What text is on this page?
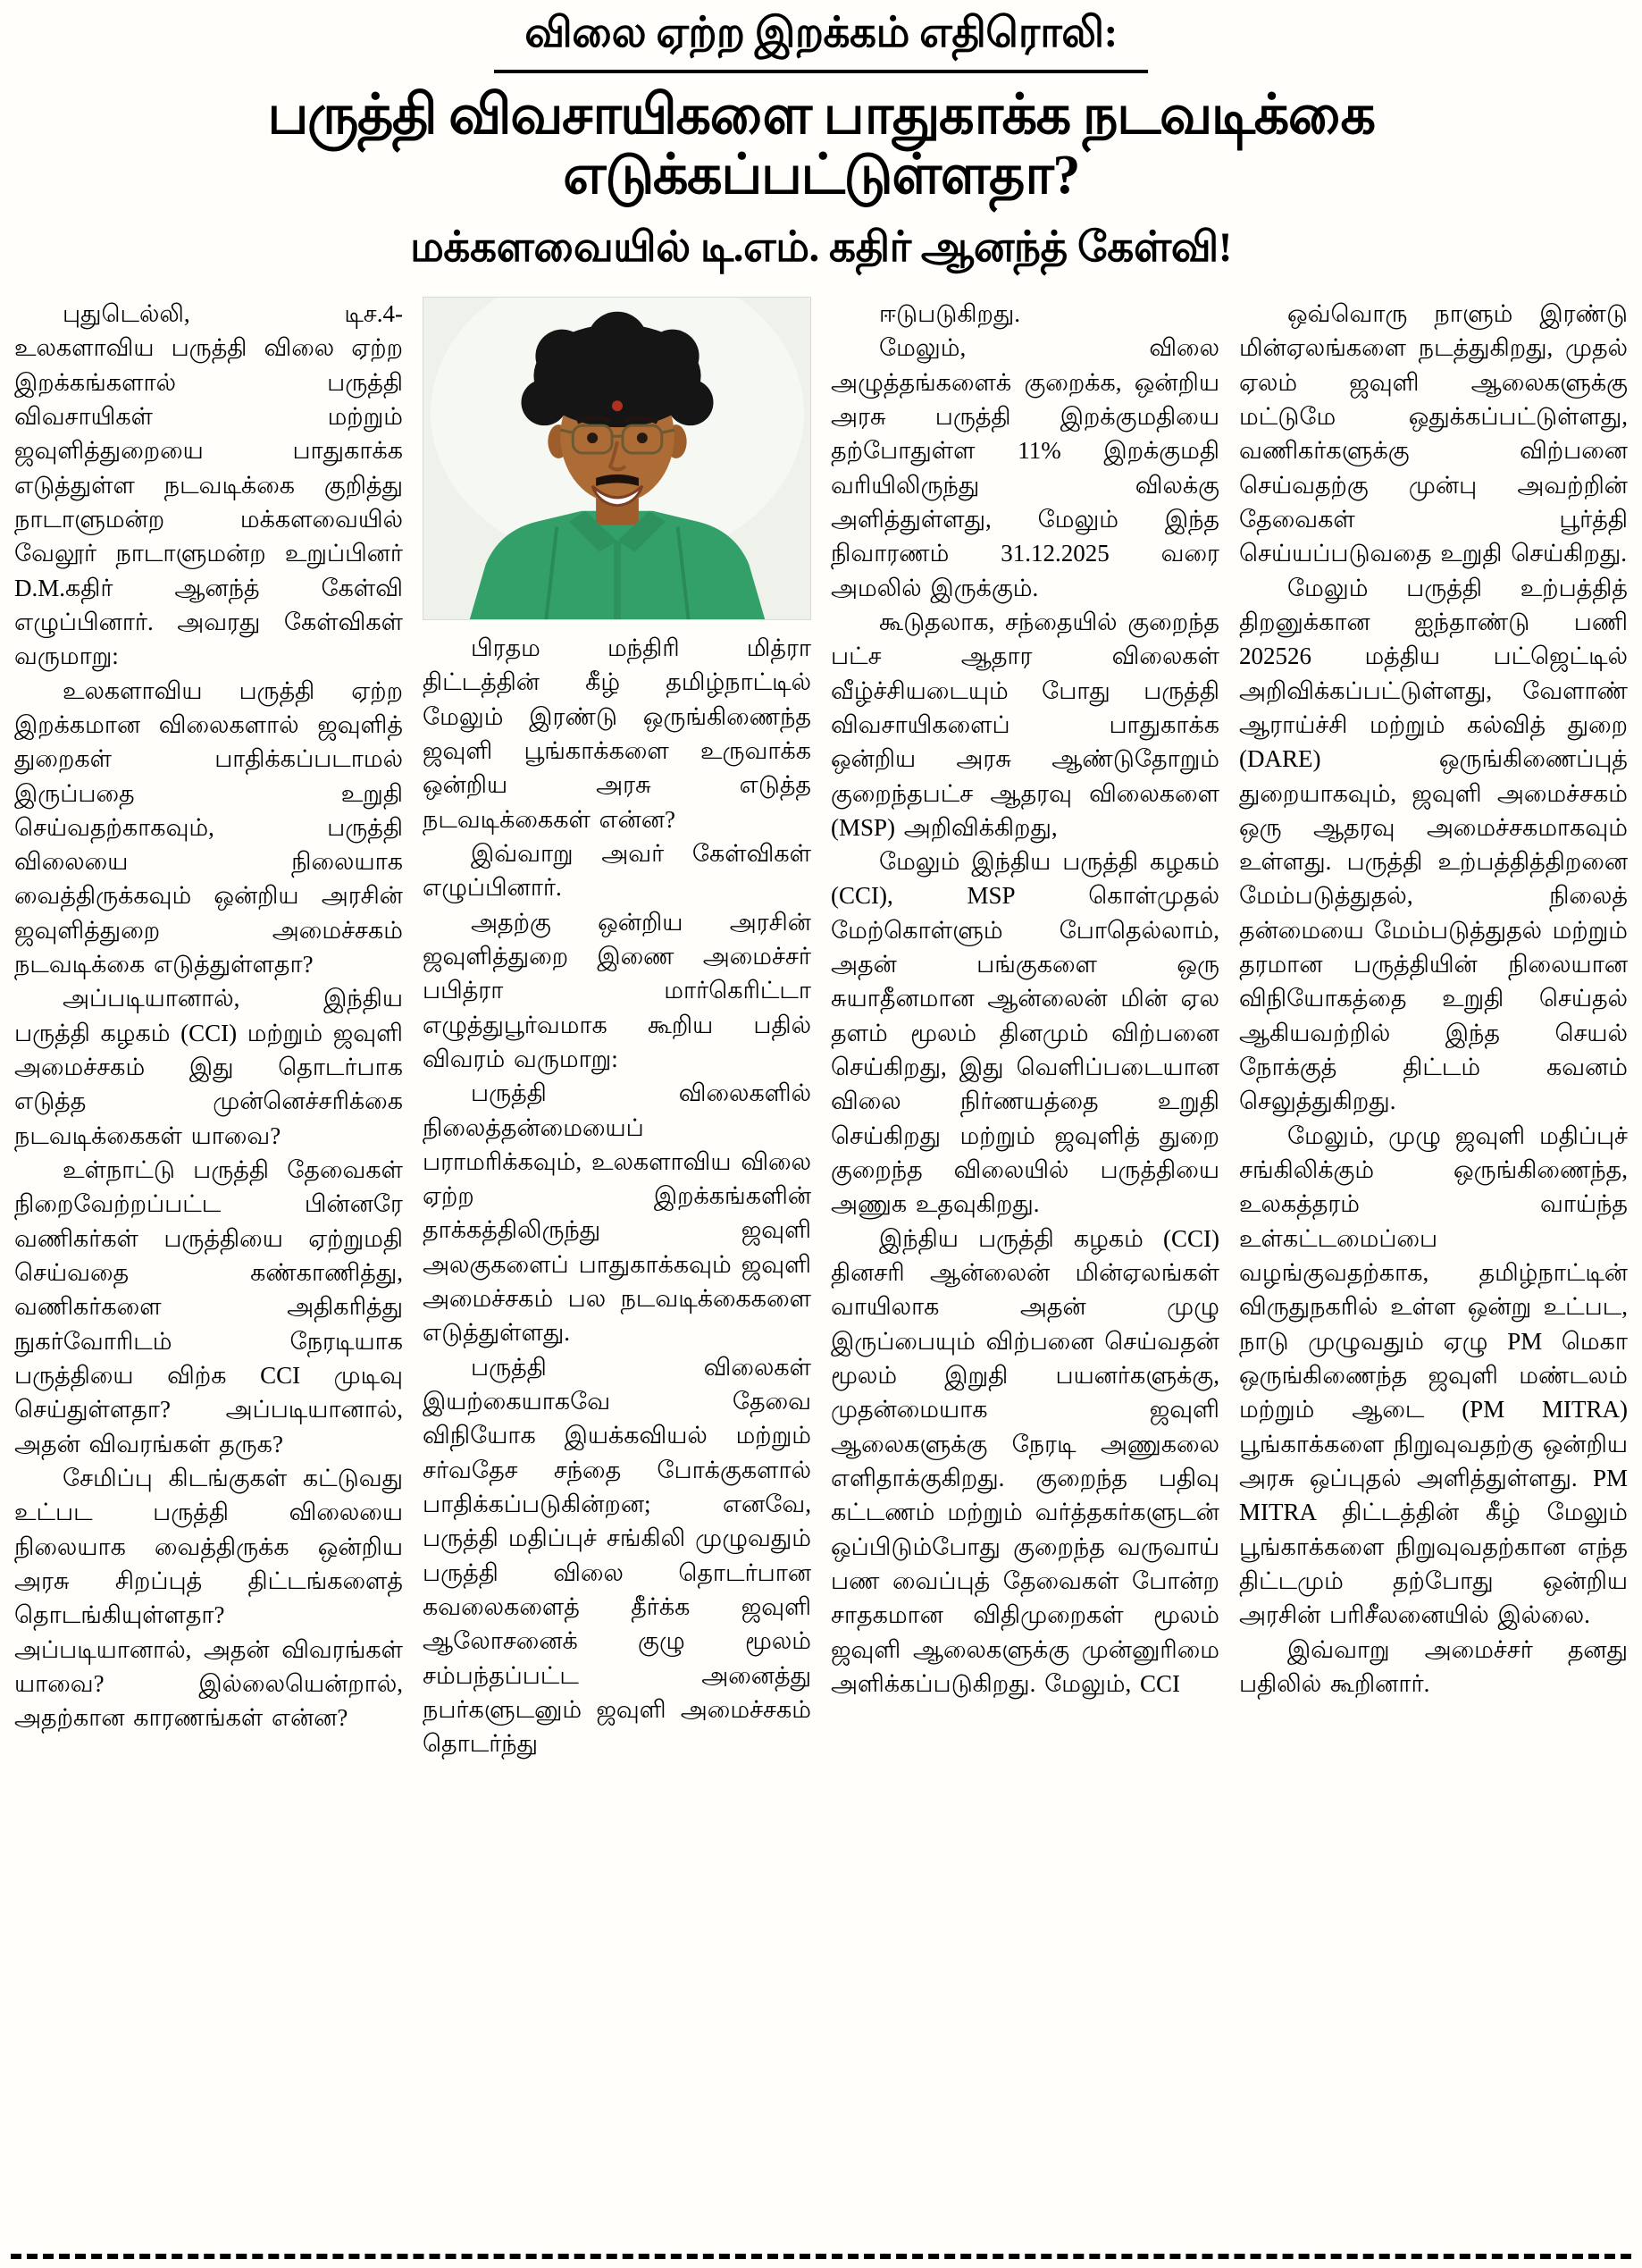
விலை ஏற்ற இறக்கம் எதிரொலி:
பருத்தி விவசாயிகளை பாதுகாக்க நடவடிக்கை எடுக்கப்பட்டுள்ளதா?
மக்களவையில் டி.எம். கதிர் ஆனந்த் கேள்வி!

புதுடெல்லி, டிச.4- உலகளாவிய பருத்தி விலை ஏற்ற இறக்கங்களால் பருத்தி விவசாயிகள் மற்றும் ஜவுளித்துறையை பாதுகாக்க எடுத்துள்ள நடவடிக்கை குறித்து நாடாளுமன்ற மக்களவையில் வேலூர் நாடாளுமன்ற உறுப்பினர் D.M.கதிர் ஆனந்த் கேள்வி எழுப்பினார். அவரது கேள்விகள் வருமாறு:

உலகளாவிய பருத்தி ஏற்ற இறக்கமான விலைகளால் ஜவுளித் துறைகள் பாதிக்கப்படாமல் இருப்பதை உறுதி செய்வதற்காகவும், பருத்தி விலையை நிலையாக வைத்திருக்கவும் ஒன்றிய அரசின் ஜவுளித்துறை அமைச்சகம் நடவடிக்கை எடுத்துள்ளதா?

அப்படியானால், இந்திய பருத்தி கழகம் (CCI) மற்றும் ஜவுளி அமைச்சகம் இது தொடர்பாக எடுத்த முன்னெச்சரிக்கை நடவடிக்கைகள் யாவை?

உள்நாட்டு பருத்தி தேவைகள் நிறைவேற்றப்பட்ட பின்னரே வணிகர்கள் பருத்தியை ஏற்றுமதி செய்வதை கண்காணித்து, வணிகர்களை அதிகரித்து நுகர்வோரிடம் நேரடியாக பருத்தியை விற்க CCI முடிவு செய்துள்ளதா? அப்படியானால், அதன் விவரங்கள் தருக?

சேமிப்பு கிடங்குகள் கட்டுவது உட்பட பருத்தி விலையை நிலையாக வைத்திருக்க ஒன்றிய அரசு சிறப்புத் திட்டங்களைத் தொடங்கியுள்ளதா? அப்படியானால், அதன் விவரங்கள் யாவை? இல்லையென்றால், அதற்கான காரணங்கள் என்ன?

பிரதம மந்திரி மித்ரா திட்டத்தின் கீழ் தமிழ்நாட்டில் மேலும் இரண்டு ஒருங்கிணைந்த ஜவுளி பூங்காக்களை உருவாக்க ஒன்றிய அரசு எடுத்த நடவடிக்கைகள் என்ன?

இவ்வாறு அவர் கேள்விகள் எழுப்பினார்.

அதற்கு ஒன்றிய அரசின் ஜவுளித்துறை இணை அமைச்சர் பபித்ரா மார்கெரிட்டா எழுத்துபூர்வமாக கூறிய பதில் விவரம் வருமாறு:

பருத்தி விலைகளில் நிலைத்தன்மையைப் பராமரிக்கவும், உலகளாவிய விலை ஏற்ற இறக்கங்களின் தாக்கத்திலிருந்து ஜவுளி அலகுகளைப் பாதுகாக்கவும் ஜவுளி அமைச்சகம் பல நடவடிக்கைகளை எடுத்துள்ளது.

பருத்தி விலைகள் இயற்கையாகவே தேவை விநியோக இயக்கவியல் மற்றும் சர்வதேச சந்தை போக்குகளால் பாதிக்கப்படுகின்றன; எனவே, பருத்தி மதிப்புச் சங்கிலி முழுவதும் பருத்தி விலை தொடர்பான கவலைகளைத் தீர்க்க ஜவுளி ஆலோசனைக் குழு மூலம் சம்பந்தப்பட்ட அனைத்து நபர்களுடனும் ஜவுளி அமைச்சகம் தொடர்ந்து

ஈடுபடுகிறது.

மேலும், விலை அழுத்தங்களைக் குறைக்க, ஒன்றிய அரசு பருத்தி இறக்குமதியை தற்போதுள்ள 11% இறக்குமதி வரியிலிருந்து விலக்கு அளித்துள்ளது, மேலும் இந்த நிவாரணம் 31.12.2025 வரை அமலில் இருக்கும்.

கூடுதலாக, சந்தையில் குறைந்த பட்ச ஆதார விலைகள் வீழ்ச்சியடையும் போது பருத்தி விவசாயிகளைப் பாதுகாக்க ஒன்றிய அரசு ஆண்டுதோறும் குறைந்தபட்ச ஆதரவு விலைகளை (MSP) அறிவிக்கிறது,

மேலும் இந்திய பருத்தி கழகம் (CCI), MSP கொள்முதல் மேற்கொள்ளும் போதெல்லாம், அதன் பங்குகளை ஒரு சுயாதீனமான ஆன்லைன் மின் ஏல தளம் மூலம் தினமும் விற்பனை செய்கிறது, இது வெளிப்படையான விலை நிர்ணயத்தை உறுதி செய்கிறது மற்றும் ஜவுளித் துறை குறைந்த விலையில் பருத்தியை அணுக உதவுகிறது.

இந்திய பருத்தி கழகம் (CCI) தினசரி ஆன்லைன் மின்ஏலங்கள் வாயிலாக அதன் முழு இருப்பையும் விற்பனை செய்வதன் மூலம் இறுதி பயனர்களுக்கு, முதன்மையாக ஜவுளி ஆலைகளுக்கு நேரடி அணுகலை எளிதாக்குகிறது. குறைந்த பதிவு கட்டணம் மற்றும் வர்த்தகர்களுடன் ஒப்பிடும்போது குறைந்த வருவாய் பண வைப்புத் தேவைகள் போன்ற சாதகமான விதிமுறைகள் மூலம் ஜவுளி ஆலைகளுக்கு முன்னுரிமை அளிக்கப்படுகிறது. மேலும், CCI

ஒவ்வொரு நாளும் இரண்டு மின்ஏலங்களை நடத்துகிறது, முதல் ஏலம் ஜவுளி ஆலைகளுக்கு மட்டுமே ஒதுக்கப்பட்டுள்ளது, வணிகர்களுக்கு விற்பனை செய்வதற்கு முன்பு அவற்றின் தேவைகள் பூர்த்தி செய்யப்படுவதை உறுதி செய்கிறது.

மேலும் பருத்தி உற்பத்தித் திறனுக்கான ஐந்தாண்டு பணி 202526 மத்திய பட்ஜெட்டில் அறிவிக்கப்பட்டுள்ளது, வேளாண் ஆராய்ச்சி மற்றும் கல்வித் துறை (DARE) ஒருங்கிணைப்புத் துறையாகவும், ஜவுளி அமைச்சகம் ஒரு ஆதரவு அமைச்சகமாகவும் உள்ளது. பருத்தி உற்பத்தித்திறனை மேம்படுத்துதல், நிலைத் தன்மையை மேம்படுத்துதல் மற்றும் தரமான பருத்தியின் நிலையான விநியோகத்தை உறுதி செய்தல் ஆகியவற்றில் இந்த செயல் நோக்குத் திட்டம் கவனம் செலுத்துகிறது.

மேலும், முழு ஜவுளி மதிப்புச் சங்கிலிக்கும் ஒருங்கிணைந்த, உலகத்தரம் வாய்ந்த உள்கட்டமைப்பை வழங்குவதற்காக, தமிழ்நாட்டின் விருதுநகரில் உள்ள ஒன்று உட்பட, நாடு முழுவதும் ஏழு PM மெகா ஒருங்கிணைந்த ஜவுளி மண்டலம் மற்றும் ஆடை (PM MITRA) பூங்காக்களை நிறுவுவதற்கு ஒன்றிய அரசு ஒப்புதல் அளித்துள்ளது. PM MITRA திட்டத்தின் கீழ் மேலும் பூங்காக்களை நிறுவுவதற்கான எந்த திட்டமும் தற்போது ஒன்றிய அரசின் பரிசீலனையில் இல்லை.

இவ்வாறு அமைச்சர் தனது பதிலில் கூறினார்.
